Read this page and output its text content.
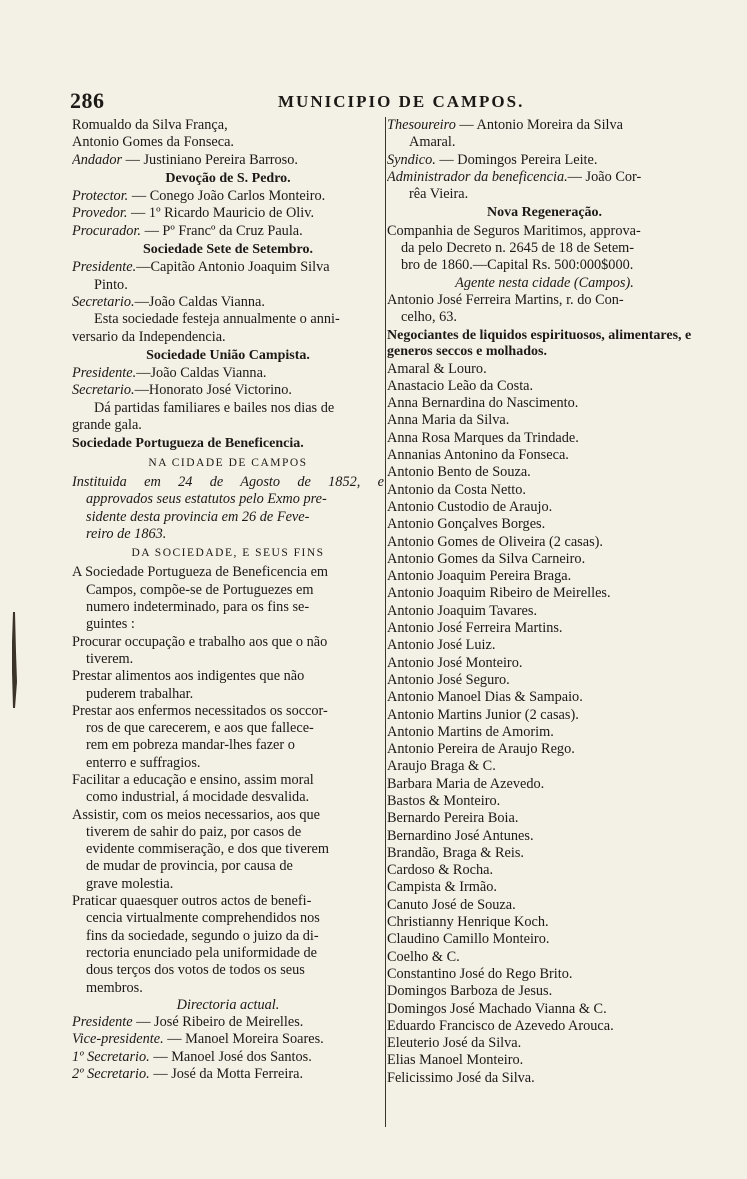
286	MUNICIPIO DE CAMPOS.
Romualdo da Silva França,
Antonio Gomes da Fonseca.
Andador — Justiniano Pereira Barroso.
Devoção de S. Pedro.
Protector. — Conego João Carlos Monteiro.
Provedor. — 1º Ricardo Mauricio de Oliv.
Procurador. — Pº Francº da Cruz Paula.
Sociedade Sete de Setembro.
Presidente.—Capitão Antonio Joaquim Silva
Pinto.
Secretario.—João Caldas Vianna.
Esta sociedade festeja annualmente o anni-
versario da Independencia.
Sociedade União Campista.
Presidente.—João Caldas Vianna.
Secretario.—Honorato José Victorino.
Dá partidas familiares e bailes nos dias de
grande gala.
Sociedade Portugueza de Beneficencia.
NA CIDADE DE CAMPOS
Instituida em 24 de Agosto de 1852, e
approvados seus estatutos pelo Exmo pre-
sidente desta provincia em 26 de Feve-
reiro de 1863.
DA SOCIEDADE, E SEUS FINS
A Sociedade Portugueza de Beneficencia em
Campos, compõe-se de Portuguezes em
numero indeterminado, para os fins se-
guintes :
Procurar occupação e trabalho aos que o não
tiverem.
Prestar alimentos aos indigentes que não
puderem trabalhar.
Prestar aos enfermos necessitados os soccor-
ros de que carecerem, e aos que fallece-
rem em pobreza mandar-lhes fazer o
enterro e suffragios.
Facilitar a educação e ensino, assim moral
como industrial, á mocidade desvalida.
Assistir, com os meios necessarios, aos que
tiverem de sahir do paiz, por casos de
evidente commiseração, e dos que tiverem
de mudar de provincia, por causa de
grave molestia.
Praticar quaesquer outros actos de benefi-
cencia virtualmente comprehendidos nos
fins da sociedade, segundo o juizo da di-
rectoria enunciado pela uniformidade de
dous terços dos votos de todos os seus
membros.
Directoria actual.
Presidente — José Ribeiro de Meirelles.
Vice-presidente. — Manoel Moreira Soares.
1º Secretario. — Manoel José dos Santos.
2º Secretario. — José da Motta Ferreira.
Thesoureiro — Antonio Moreira da Silva
Amaral.
Syndico. — Domingos Pereira Leite.
Administrador da beneficencia.— João Cor-
rêa Vieira.
Nova Regeneração.
Companhia de Seguros Maritimos, approva-
da pelo Decreto n. 2645 de 18 de Setem-
bro de 1860.—Capital Rs. 500:000$000.
Agente nesta cidade (Campos).
Antonio José Ferreira Martins, r. do Con-
celho, 63.
Negociantes de liquidos espirituosos, alimentares, e generos seccos e molhados.
Amaral & Louro.
Anastacio Leão da Costa.
Anna Bernardina do Nascimento.
Anna Maria da Silva.
Anna Rosa Marques da Trindade.
Annanias Antonino da Fonseca.
Antonio Bento de Souza.
Antonio da Costa Netto.
Antonio Custodio de Araujo.
Antonio Gonçalves Borges.
Antonio Gomes de Oliveira (2 casas).
Antonio Gomes da Silva Carneiro.
Antonio Joaquim Pereira Braga.
Antonio Joaquim Ribeiro de Meirelles.
Antonio Joaquim Tavares.
Antonio José Ferreira Martins.
Antonio José Luiz.
Antonio José Monteiro.
Antonio José Seguro.
Antonio Manoel Dias & Sampaio.
Antonio Martins Junior (2 casas).
Antonio Martins de Amorim.
Antonio Pereira de Araujo Rego.
Araujo Braga & C.
Barbara Maria de Azevedo.
Bastos & Monteiro.
Bernardo Pereira Boia.
Bernardino José Antunes.
Brandão, Braga & Reis.
Cardoso & Rocha.
Campista & Irmão.
Canuto José de Souza.
Christianny Henrique Koch.
Claudino Camillo Monteiro.
Coelho & C.
Constantino José do Rego Brito.
Domingos Barboza de Jesus.
Domingos José Machado Vianna & C.
Eduardo Francisco de Azevedo Arouca.
Eleuterio José da Silva.
Elias Manoel Monteiro.
Felicissimo José da Silva.
